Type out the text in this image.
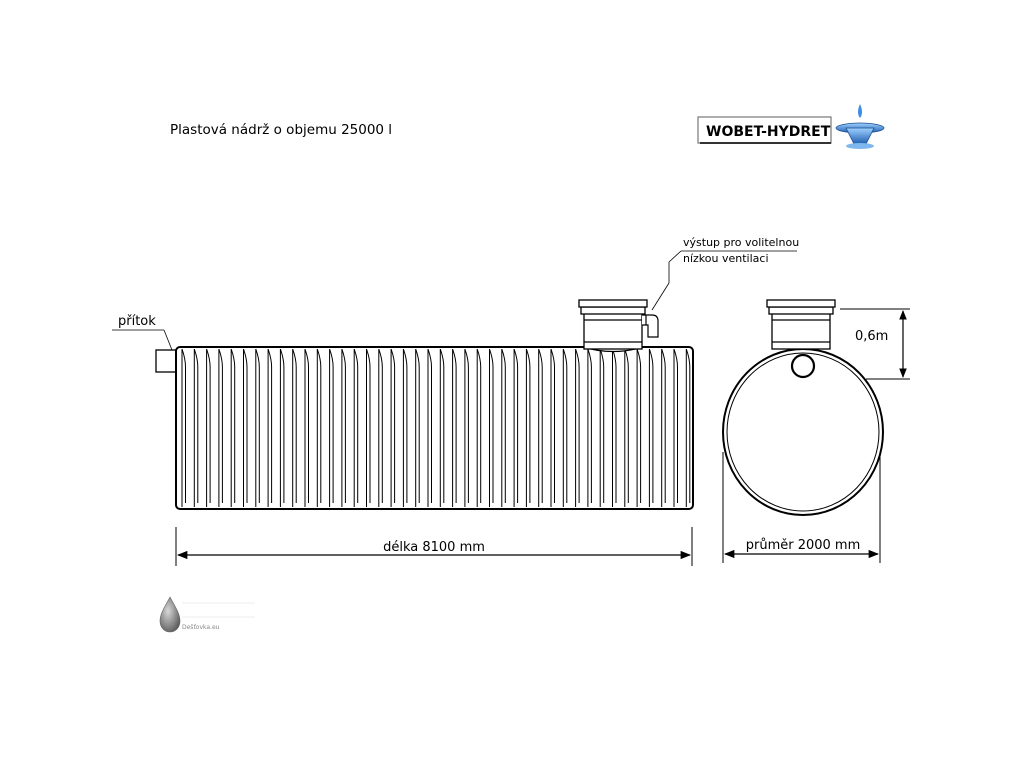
Plastová nádrž o objemu 25000 l	WOBET-HYDRET
výstup pro volitelnou
nízkou ventilaci
přítok
délka 8100 mm
0,6m
průměr 2000 mm
Dešťovka.eu
